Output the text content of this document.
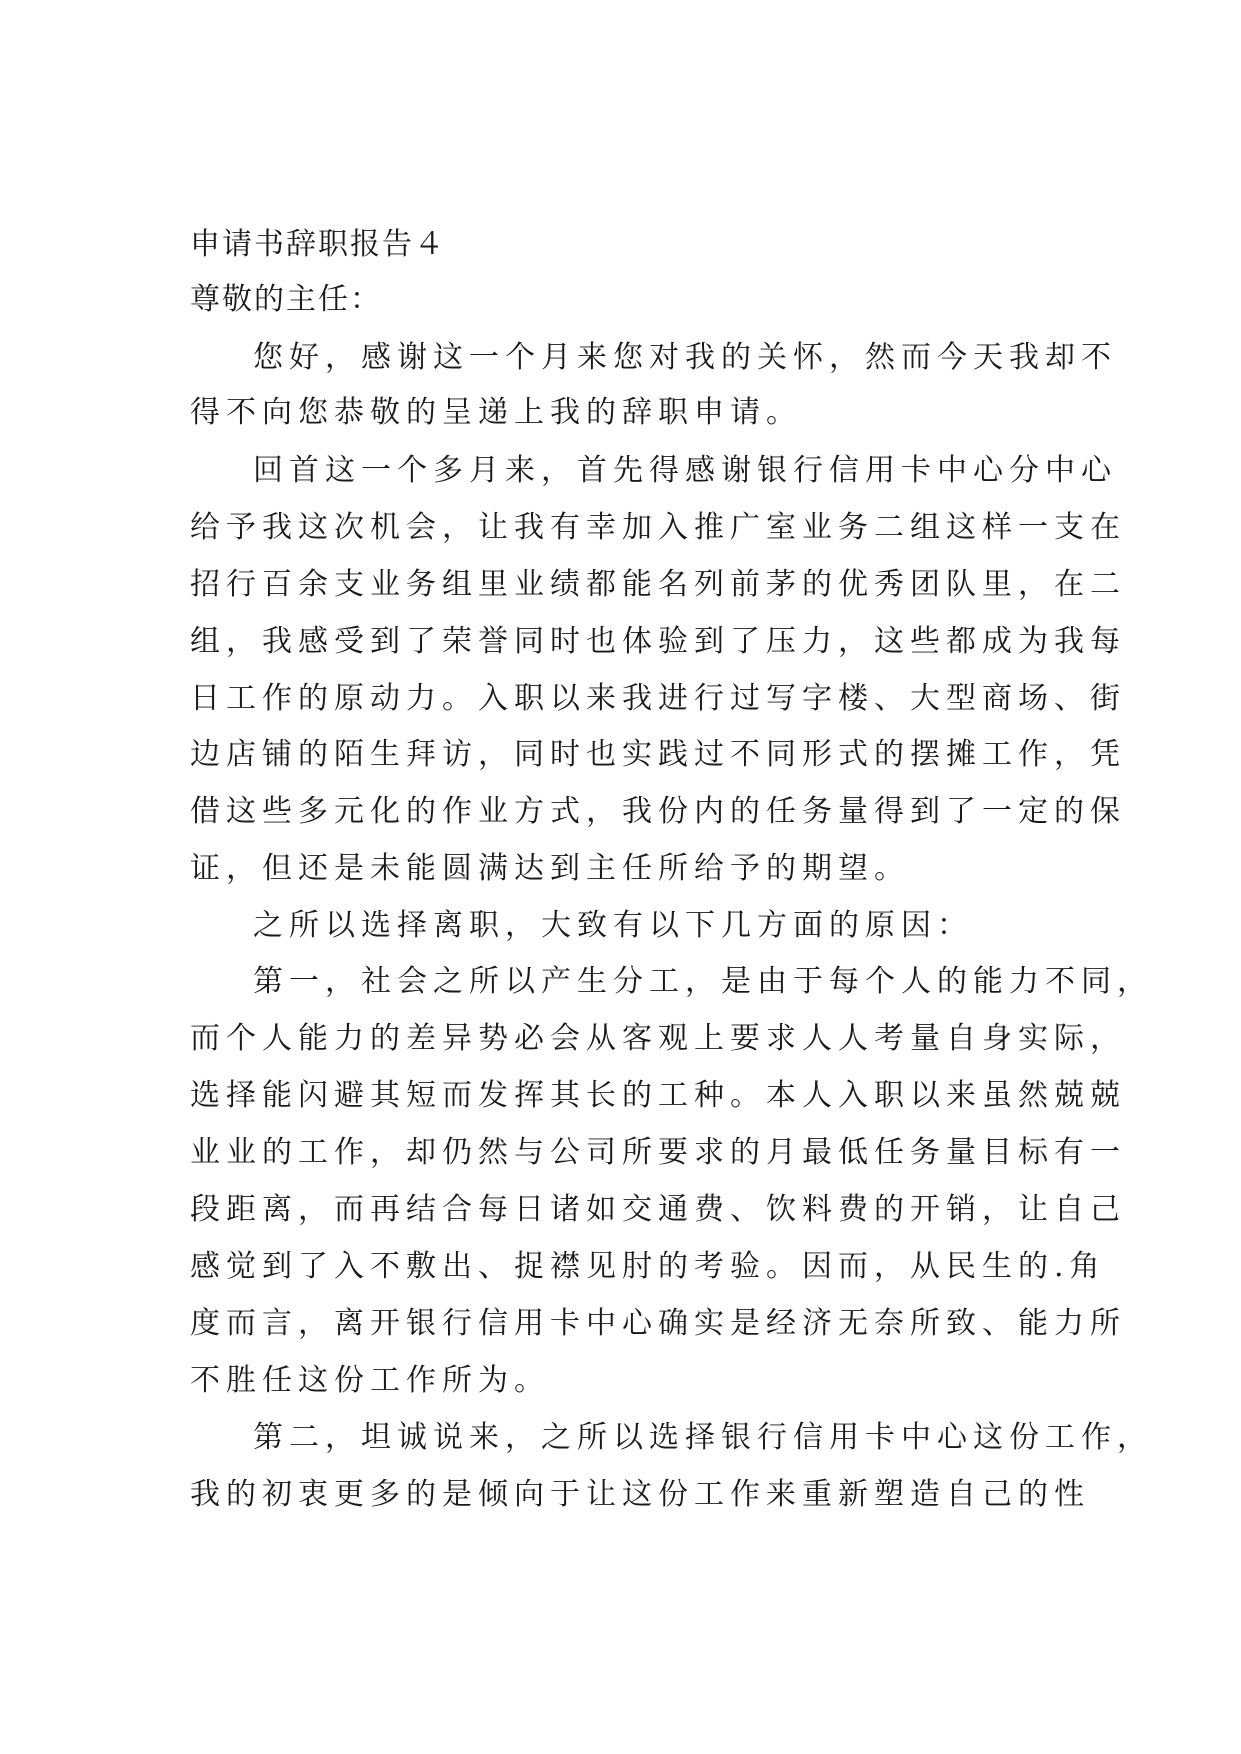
申请书辞职报告４
尊敬的主任：
您好，感谢这一个月来您对我的关怀，然而今天我却不
得不向您恭敬的呈递上我的辞职申请。
回首这一个多月来，首先得感谢银行信用卡中心分中心
给予我这次机会，让我有幸加入推广室业务二组这样一支在
招行百余支业务组里业绩都能名列前茅的优秀团队里，在二
组，我感受到了荣誉同时也体验到了压力，这些都成为我每
日工作的原动力。入职以来我进行过写字楼、大型商场、街
边店铺的陌生拜访，同时也实践过不同形式的摆摊工作，凭
借这些多元化的作业方式，我份内的任务量得到了一定的保
证，但还是未能圆满达到主任所给予的期望。
之所以选择离职，大致有以下几方面的原因：
第一，社会之所以产生分工，是由于每个人的能力不同，
而个人能力的差异势必会从客观上要求人人考量自身实际，
选择能闪避其短而发挥其长的工种。本人入职以来虽然兢兢
业业的工作，却仍然与公司所要求的月最低任务量目标有一
段距离，而再结合每日诸如交通费、饮料费的开销，让自己
感觉到了入不敷出、捉襟见肘的考验。因而，从民生的.角
度而言，离开银行信用卡中心确实是经济无奈所致、能力所
不胜任这份工作所为。
第二，坦诚说来，之所以选择银行信用卡中心这份工作，
我的初衷更多的是倾向于让这份工作来重新塑造自己的性
